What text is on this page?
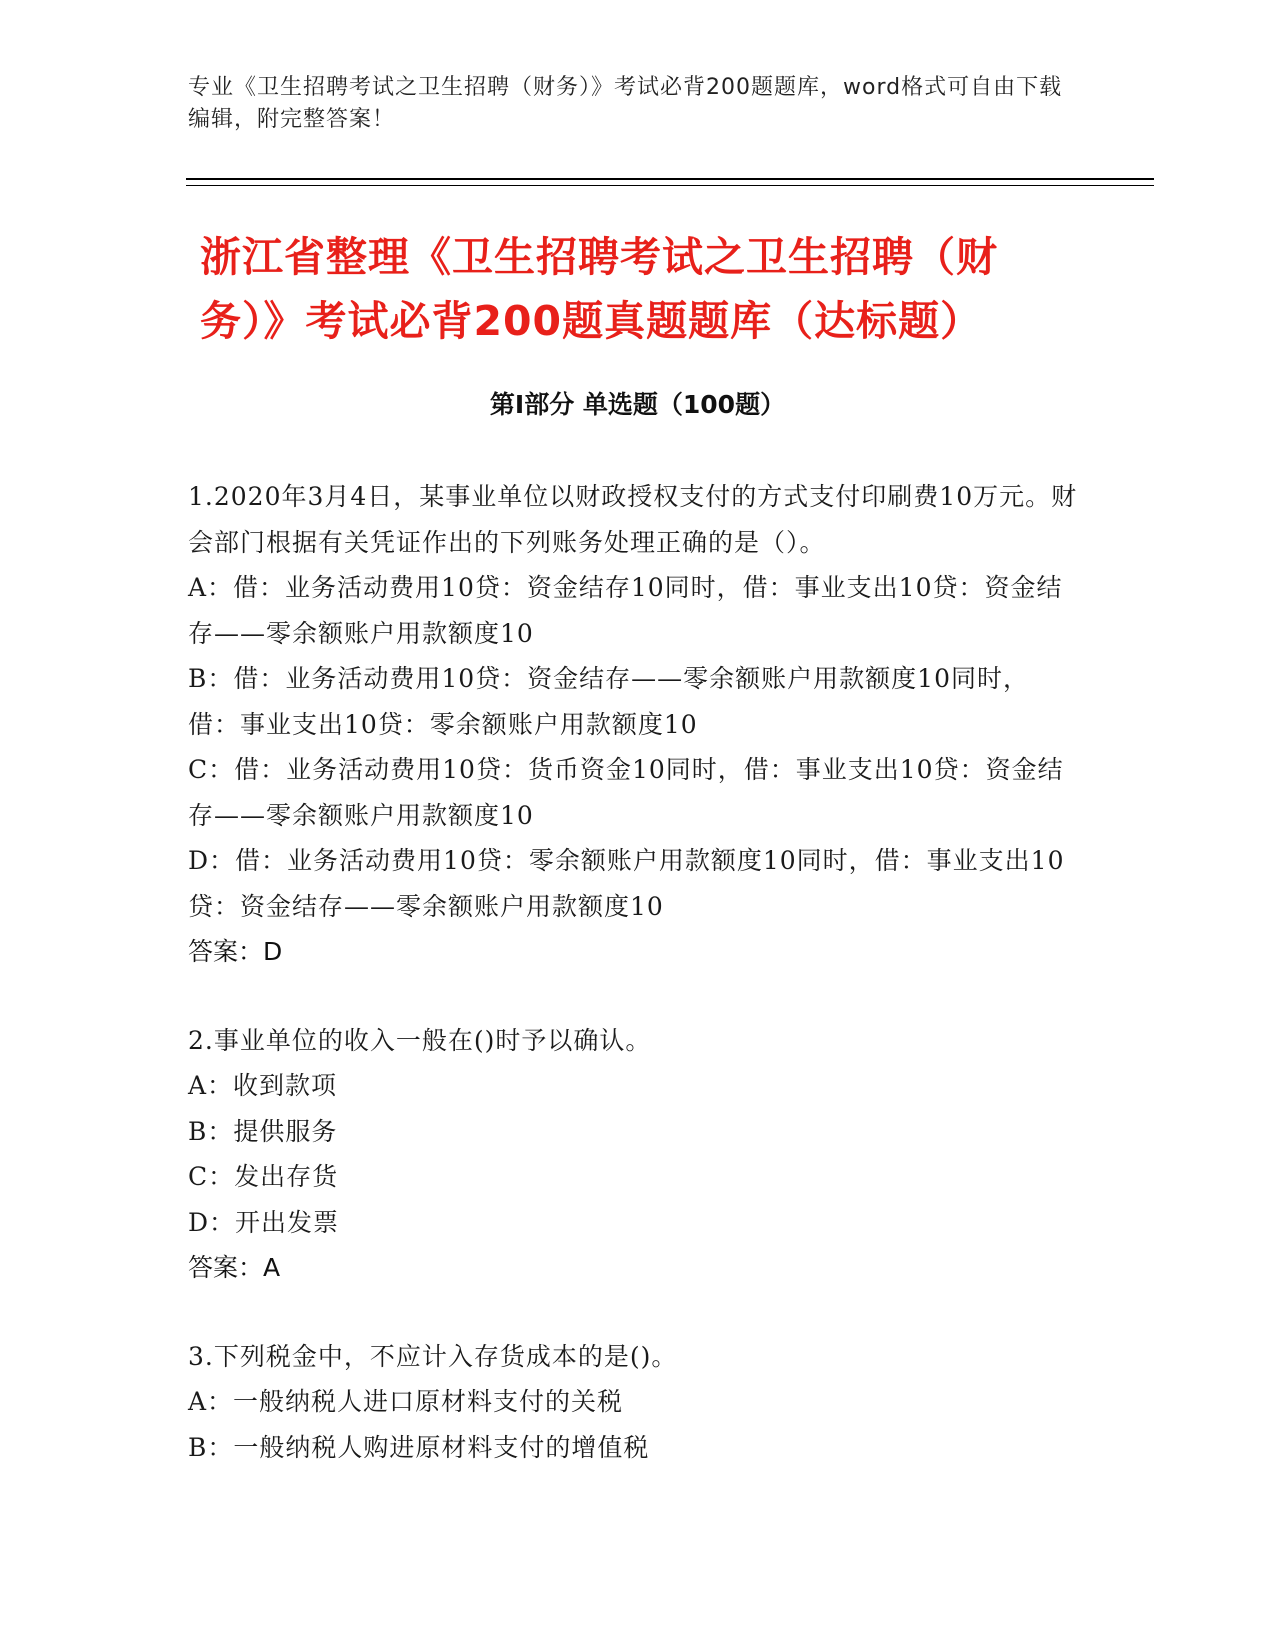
专业《卫生招聘考试之卫生招聘（财务）》考试必背200题题库，word格式可自由下载编辑，附完整答案！
浙江省整理《卫生招聘考试之卫生招聘（财务）》考试必背200题真题题库（达标题）
第Ⅰ部分 单选题（100题）
1.2020年3月4日，某事业单位以财政授权支付的方式支付印刷费10万元。财会部门根据有关凭证作出的下列账务处理正确的是（）。
A：借：业务活动费用10贷：资金结存10同时，借：事业支出10贷：资金结存——零余额账户用款额度10
B：借：业务活动费用10贷：资金结存——零余额账户用款额度10同时，借：事业支出10贷：零余额账户用款额度10
C：借：业务活动费用10贷：货币资金10同时，借：事业支出10贷：资金结存——零余额账户用款额度10
D：借：业务活动费用10贷：零余额账户用款额度10同时，借：事业支出10贷：资金结存——零余额账户用款额度10
答案：D
2.事业单位的收入一般在()时予以确认。
A：收到款项
B：提供服务
C：发出存货
D：开出发票
答案：A
3.下列税金中，不应计入存货成本的是()。
A：一般纳税人进口原材料支付的关税
B：一般纳税人购进原材料支付的增值税
